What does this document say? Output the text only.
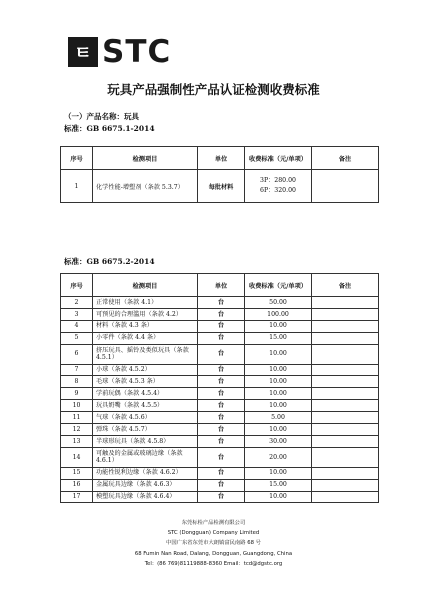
ㅌ STC
玩具产品强制性产品认证检测收费标准
（一）产品名称：玩具
标准：GB 6675.1-2014
序号	检测项目	单位	收费标准（元/单项）	备注
1	化学性能-增塑剂（条款 5.3.7）	每批材料	3P：280.00
6P：320.00	

标准：GB 6675.2-2014
序号	检测项目	单位	收费标准（元/单项）	备注
2	正常使用（条款 4.1）	台	50.00	
3	可预见的合理滥用（条款 4.2）	台	100.00	
4	材料（条款 4.3 条）	台	10.00	
5	小零件（条款 4.4 条）	台	15.00	
6	挤压玩具、摇铃及类似玩具（条款 4.5.1）	台	10.00	
7	小球（条款 4.5.2）	台	10.00	
8	毛球（条款 4.5.3 条）	台	10.00	
9	学前玩偶（条款 4.5.4）	台	10.00	
10	玩具奶嘴（条款 4.5.5）	台	10.00	
11	气球（条款 4.5.6）	台	5.00	
12	弹珠（条款 4.5.7）	台	10.00	
13	半球形玩具（条款 4.5.8）	台	30.00	
14	可触及的金属或玻璃边缘（条款 4.6.1）	台	20.00	
15	功能性锐利边缘（条款 4.6.2）	台	10.00	
16	金属玩具边缘（条款 4.6.3）	台	15.00	
17	模塑玩具边缘（条款 4.6.4）	台	10.00	
东莞标检产品检测有限公司
STC (Dongguan) Company Limited
中国广东省东莞市大朗镇富民南路 68 号
68 Fumin Nan Road, Dalang, Dongguan, Guangdong, China
Tel：(86 769)81119888-8360 Email：tcd@dgstc.org
